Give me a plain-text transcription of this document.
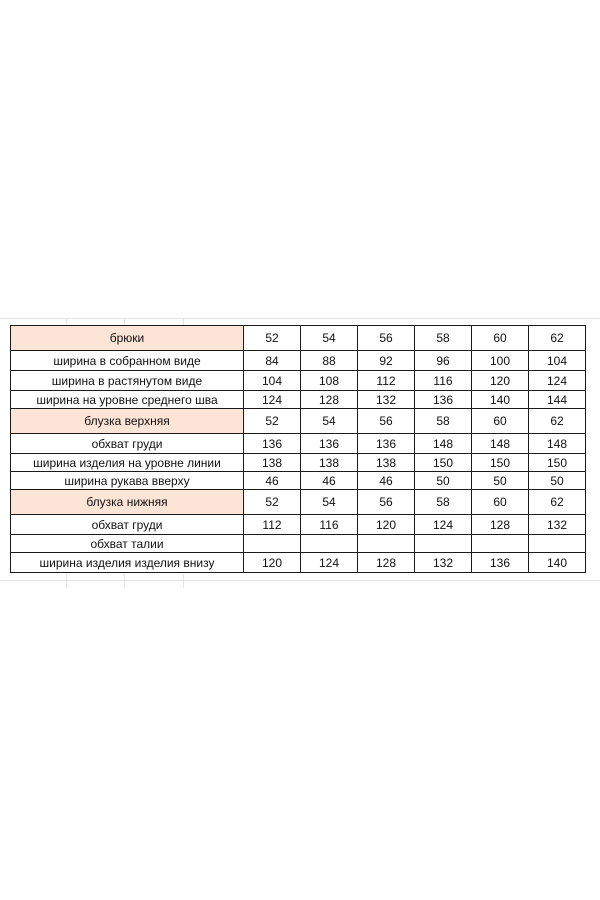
брюки	52	54	56	58	60	62
ширина в собранном виде	84	88	92	96	100	104
ширина в растянутом виде	104	108	112	116	120	124
ширина на уровне среднего шва	124	128	132	136	140	144
блузка верхняя	52	54	56	58	60	62
обхват груди	136	136	136	148	148	148
ширина изделия на уровне линии	138	138	138	150	150	150
ширина рукава вверху	46	46	46	50	50	50
блузка нижняя	52	54	56	58	60	62
обхват груди	112	116	120	124	128	132
обхват талии						
ширина изделия изделия внизу	120	124	128	132	136	140
